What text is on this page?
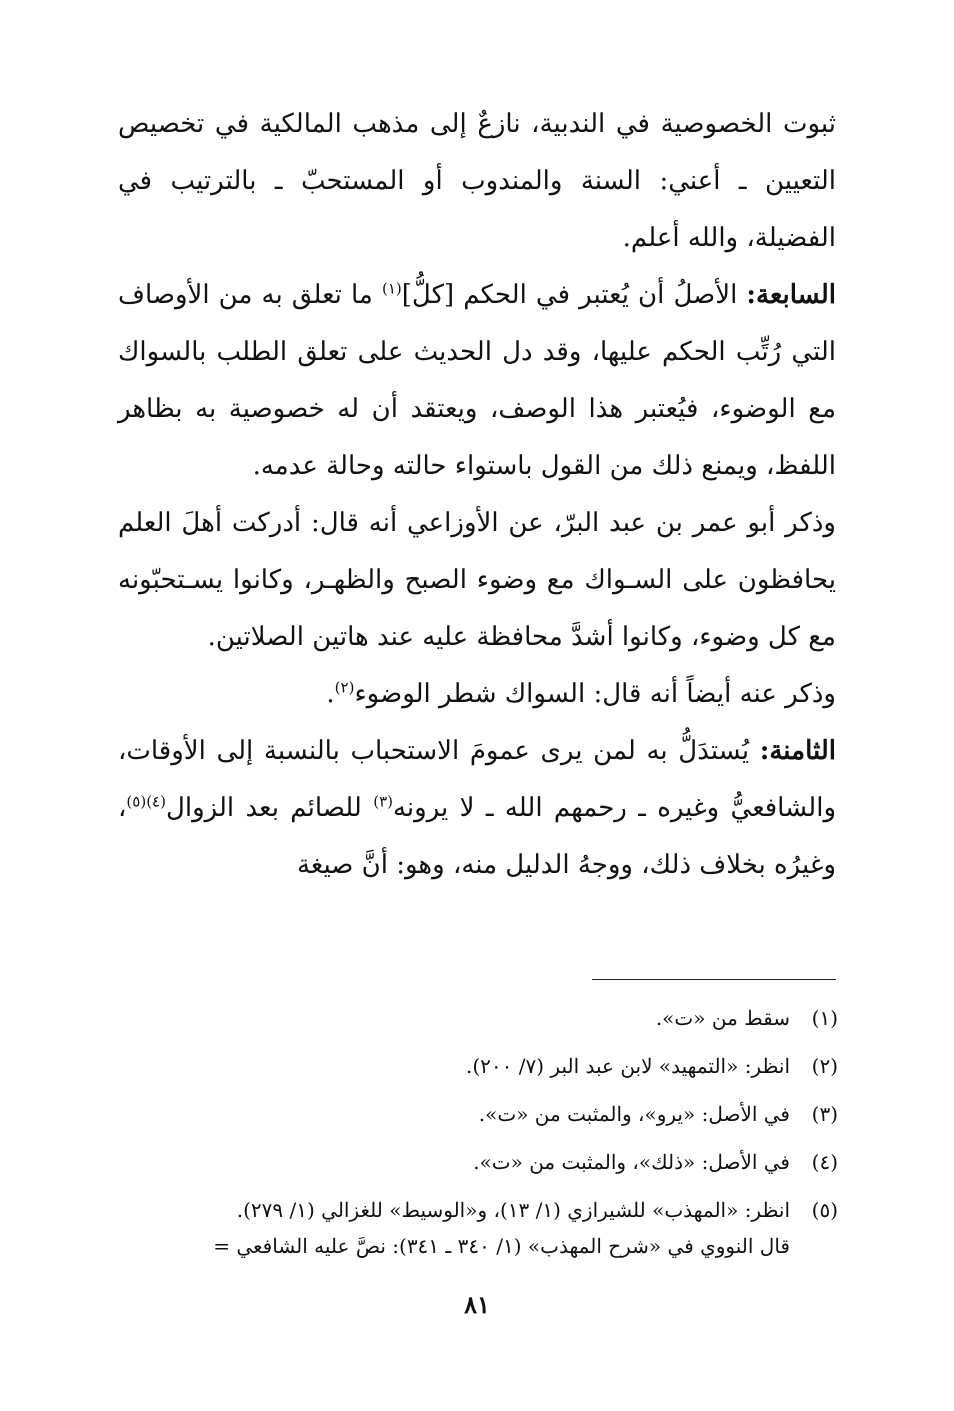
ثبوت الخصوصية في الندبية، نازعٌ إلى مذهب المالكية في تخصيص التعيين ـ أعني: السنة والمندوب أو المستحبّ ـ بالترتيب في الفضيلة، والله أعلم.

السابعة: الأصلُ أن يُعتبر في الحكم [كلُّ]$^{(١)}$ ما تعلق به من الأوصاف التي رُتِّب الحكم عليها، وقد دل الحديث على تعلق الطلب بالسواك مع الوضوء، فيُعتبر هذا الوصف، ويعتقد أن له خصوصية به بظاهر اللفظ، ويمنع ذلك من القول باستواء حالته وحالة عدمه.

وذكر أبو عمر بن عبد البرّ، عن الأوزاعي أنه قال: أدركت أهلَ العلم يحافظون على السـواك مع وضوء الصبح والظهـر، وكانوا يسـتحبّونه مع كل وضوء، وكانوا أشدَّ محافظة عليه عند هاتين الصلاتين.

وذكر عنه أيضاً أنه قال: السواك شطر الوضوء$^{(٢)}$.

الثامنة: يُستدَلُّ به لمن يرى عمومَ الاستحباب بالنسبة إلى الأوقات، والشافعيُّ وغيره ـ رحمهم الله ـ لا يرونه$^{(٣)}$ للصائم بعد الزوال$^{(٤)(٥)}$، وغيرُه بخلاف ذلك، ووجهُ الدليل منه، وهو: أنَّ صيغة

(١)سقط من «ت».
(٢)انظر: «التمهيد» لابن عبد البر (٧/ ٢٠٠).
(٣)في الأصل: «يرو»، والمثبت من «ت».
(٤)في الأصل: «ذلك»، والمثبت من «ت».
(٥)انظر: «المهذب» للشيرازي (١/ ١٣)، و«الوسيط» للغزالي (١/ ٢٧٩).
قال النووي في «شرح المهذب» (١/ ٣٤٠ ـ ٣٤١): نصَّ عليه الشافعي =
٨١
